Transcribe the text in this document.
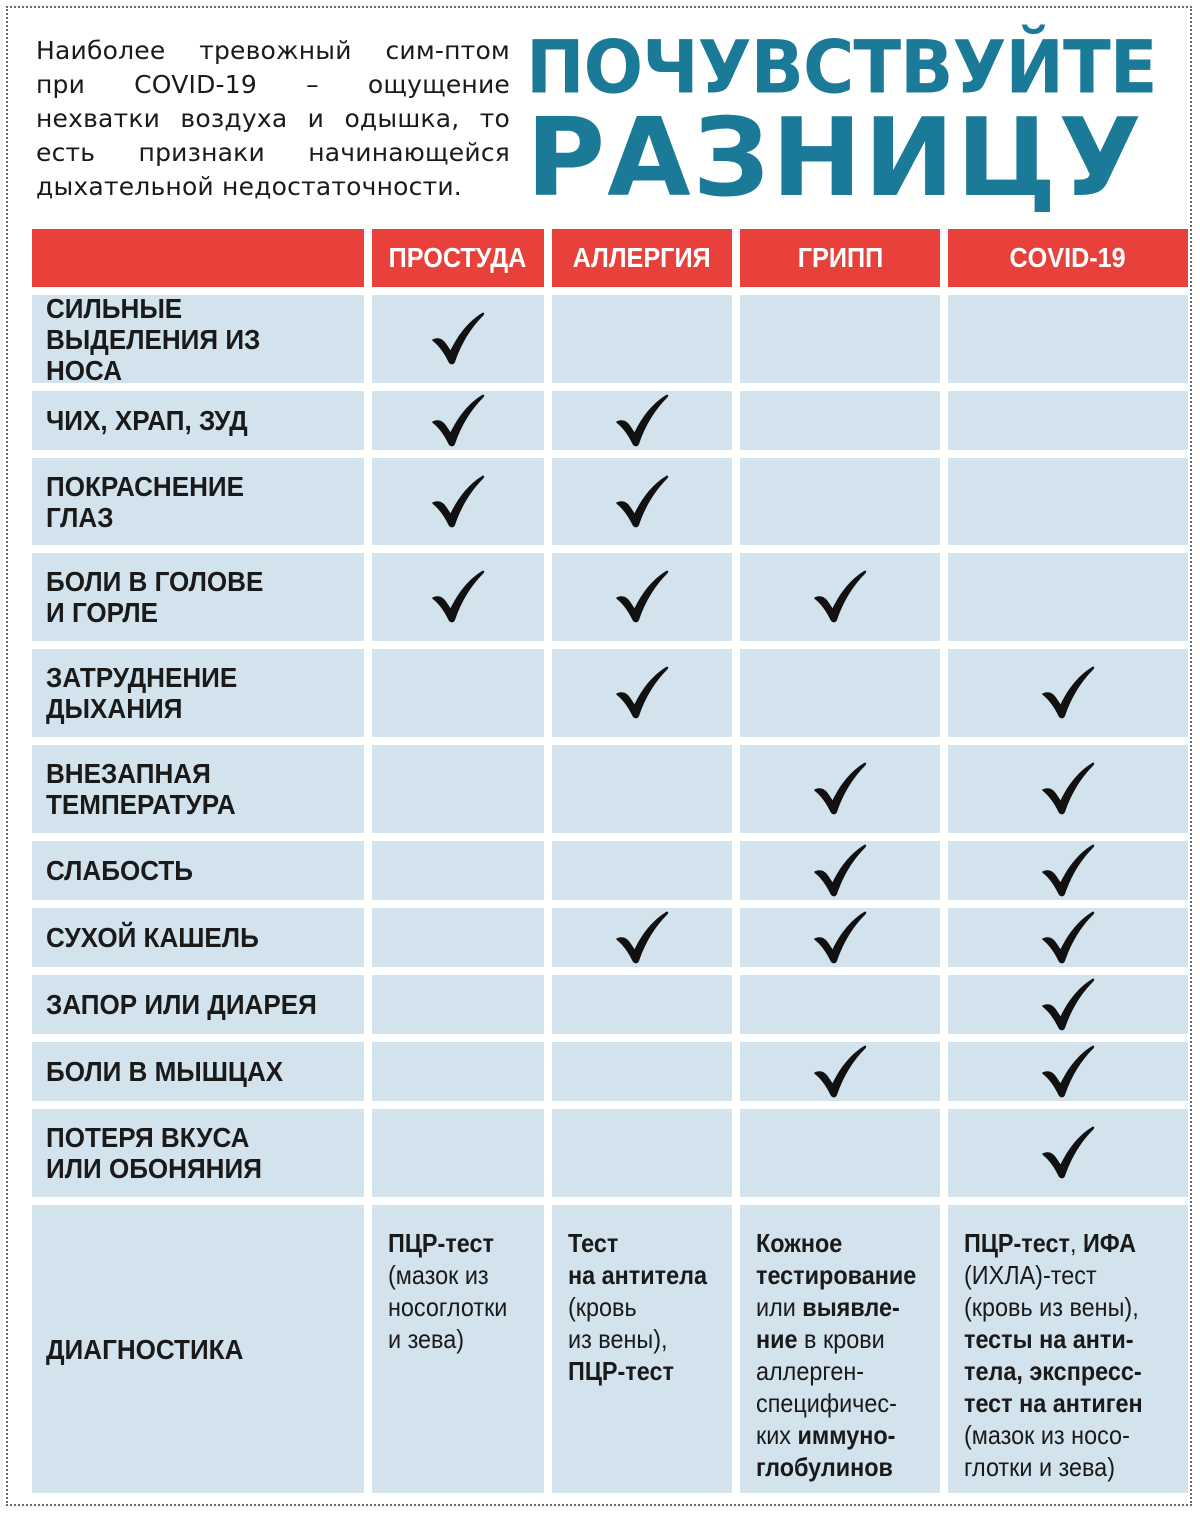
Наиболее тревожный сим-птом при COVID-19 – ощущение нехватки воздуха и одышка, то есть признаки начинающейся дыхательной недостаточности.
ПОЧУВСТВУЙТЕ
РАЗНИЦУ
ПРОСТУДА АЛЛЕРГИЯ	ГРИПП	COVID-19
СИЛЬНЫЕ
ВЫДЕЛЕНИЯ ИЗ НОСА
ЧИХ, ХРАП, ЗУД
ПОКРАСНЕНИЕ
ГЛАЗ
БОЛИ В ГОЛОВЕ
И ГОРЛЕ
ЗАТРУДНЕНИЕ
ДЫХАНИЯ
ВНЕЗАПНАЯ
ТЕМПЕРАТУРА
СЛАБОСТЬ
СУХОЙ КАШЕЛЬ
ЗАПОР ИЛИ ДИАРЕЯ
БОЛИ В МЫШЦАХ
ПОТЕРЯ ВКУСА
ИЛИ ОБОНЯНИЯ
ДИАГНОСТИКА
ПЦР-тест
(мазок из
носоглотки
и зева)
Тест
на антитела
(кровь
из вены),
ПЦР-тест
Кожное
тестирование
или выявле-
ние в крови
аллерген-
специфичес-
ких иммуно-
глобулинов
ПЦР-тест, ИФА
(ИХЛА)-тест
(кровь из вены),
тесты на анти-
тела, экспресс-
тест на антиген
(мазок из носо-
глотки и зева)
